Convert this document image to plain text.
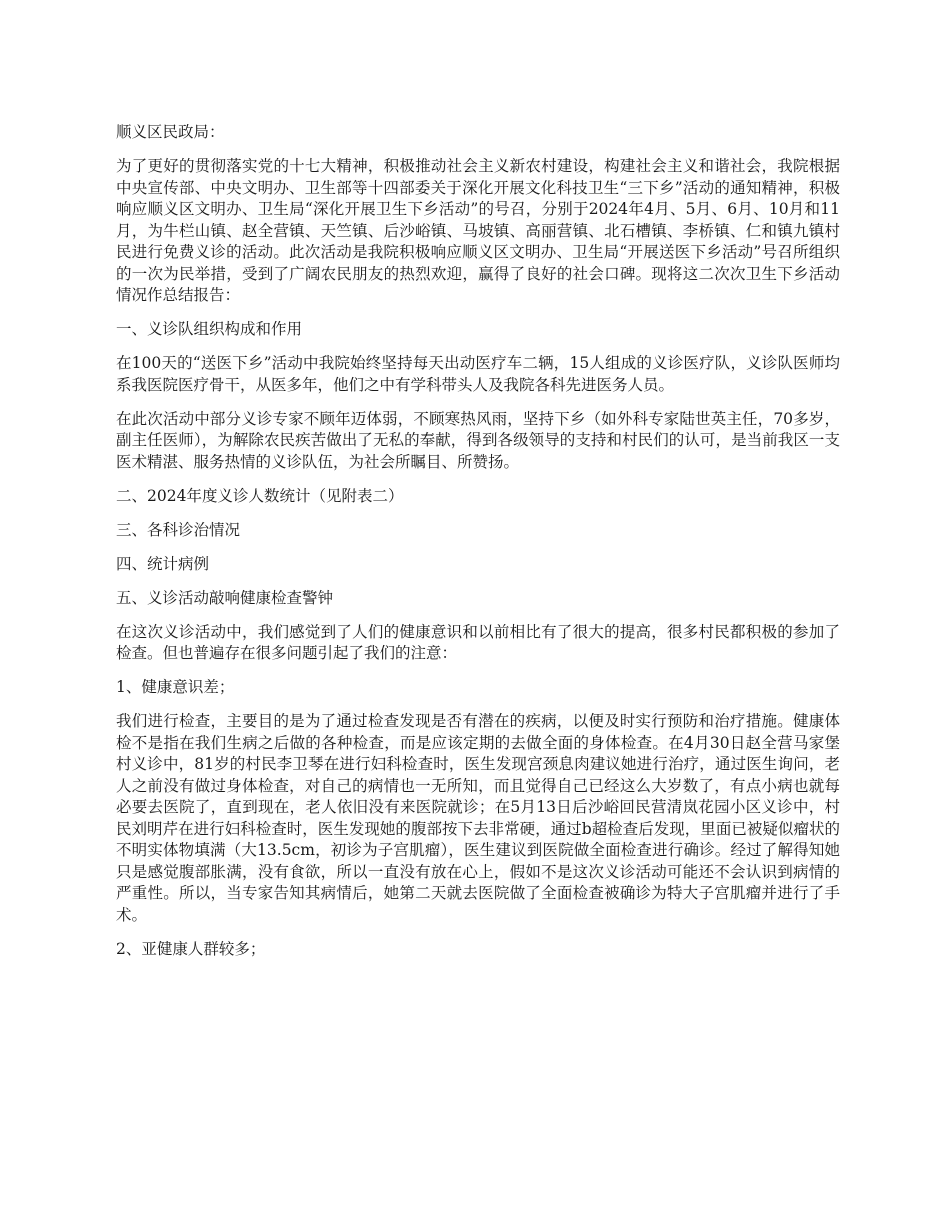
顺义区民政局：

为了更好的贯彻落实党的十七大精神，积极推动社会主义新农村建设，构建社会主义和谐社会，我院根据中央宣传部、中央文明办、卫生部等十四部委关于深化开展文化科技卫生“三下乡”活动的通知精神，积极响应顺义区文明办、卫生局“深化开展卫生下乡活动”的号召，分别于2024年4月、5月、6月、10月和11月，为牛栏山镇、赵全营镇、天竺镇、后沙峪镇、马坡镇、高丽营镇、北石槽镇、李桥镇、仁和镇九镇村民进行免费义诊的活动。此次活动是我院积极响应顺义区文明办、卫生局“开展送医下乡活动”号召所组织的一次为民举措，受到了广阔农民朋友的热烈欢迎，赢得了良好的社会口碑。现将这二次次卫生下乡活动情况作总结报告：

一、义诊队组织构成和作用

在100天的“送医下乡”活动中我院始终坚持每天出动医疗车二辆，15人组成的义诊医疗队，义诊队医师均系我医院医疗骨干，从医多年，他们之中有学科带头人及我院各科先进医务人员。

在此次活动中部分义诊专家不顾年迈体弱，不顾寒热风雨，坚持下乡（如外科专家陆世英主任，70多岁，副主任医师），为解除农民疾苦做出了无私的奉献，得到各级领导的支持和村民们的认可，是当前我区一支医术精湛、服务热情的义诊队伍，为社会所瞩目、所赞扬。

二、2024年度义诊人数统计（见附表二）

三、各科诊治情况

四、统计病例

五、义诊活动敲响健康检查警钟

在这次义诊活动中，我们感觉到了人们的健康意识和以前相比有了很大的提高，很多村民都积极的参加了检查。但也普遍存在很多问题引起了我们的注意：

1、健康意识差；

我们进行检查，主要目的是为了通过检查发现是否有潜在的疾病，以便及时实行预防和治疗措施。健康体检不是指在我们生病之后做的各种检查，而是应该定期的去做全面的身体检查。在4月30日赵全营马家堡村义诊中，81岁的村民李卫琴在进行妇科检查时，医生发现宫颈息肉建议她进行治疗，通过医生询问，老人之前没有做过身体检查，对自己的病情也一无所知，而且觉得自己已经这么大岁数了，有点小病也就每必要去医院了，直到现在，老人依旧没有来医院就诊；在5月13日后沙峪回民营清岚花园小区义诊中，村民刘明芹在进行妇科检查时，医生发现她的腹部按下去非常硬，通过b超检查后发现，里面已被疑似瘤状的不明实体物填满（大13.5cm，初诊为子宫肌瘤），医生建议到医院做全面检查进行确诊。经过了解得知她只是感觉腹部胀满，没有食欲，所以一直没有放在心上，假如不是这次义诊活动可能还不会认识到病情的严重性。所以，当专家告知其病情后，她第二天就去医院做了全面检查被确诊为特大子宫肌瘤并进行了手术。

2、亚健康人群较多；
